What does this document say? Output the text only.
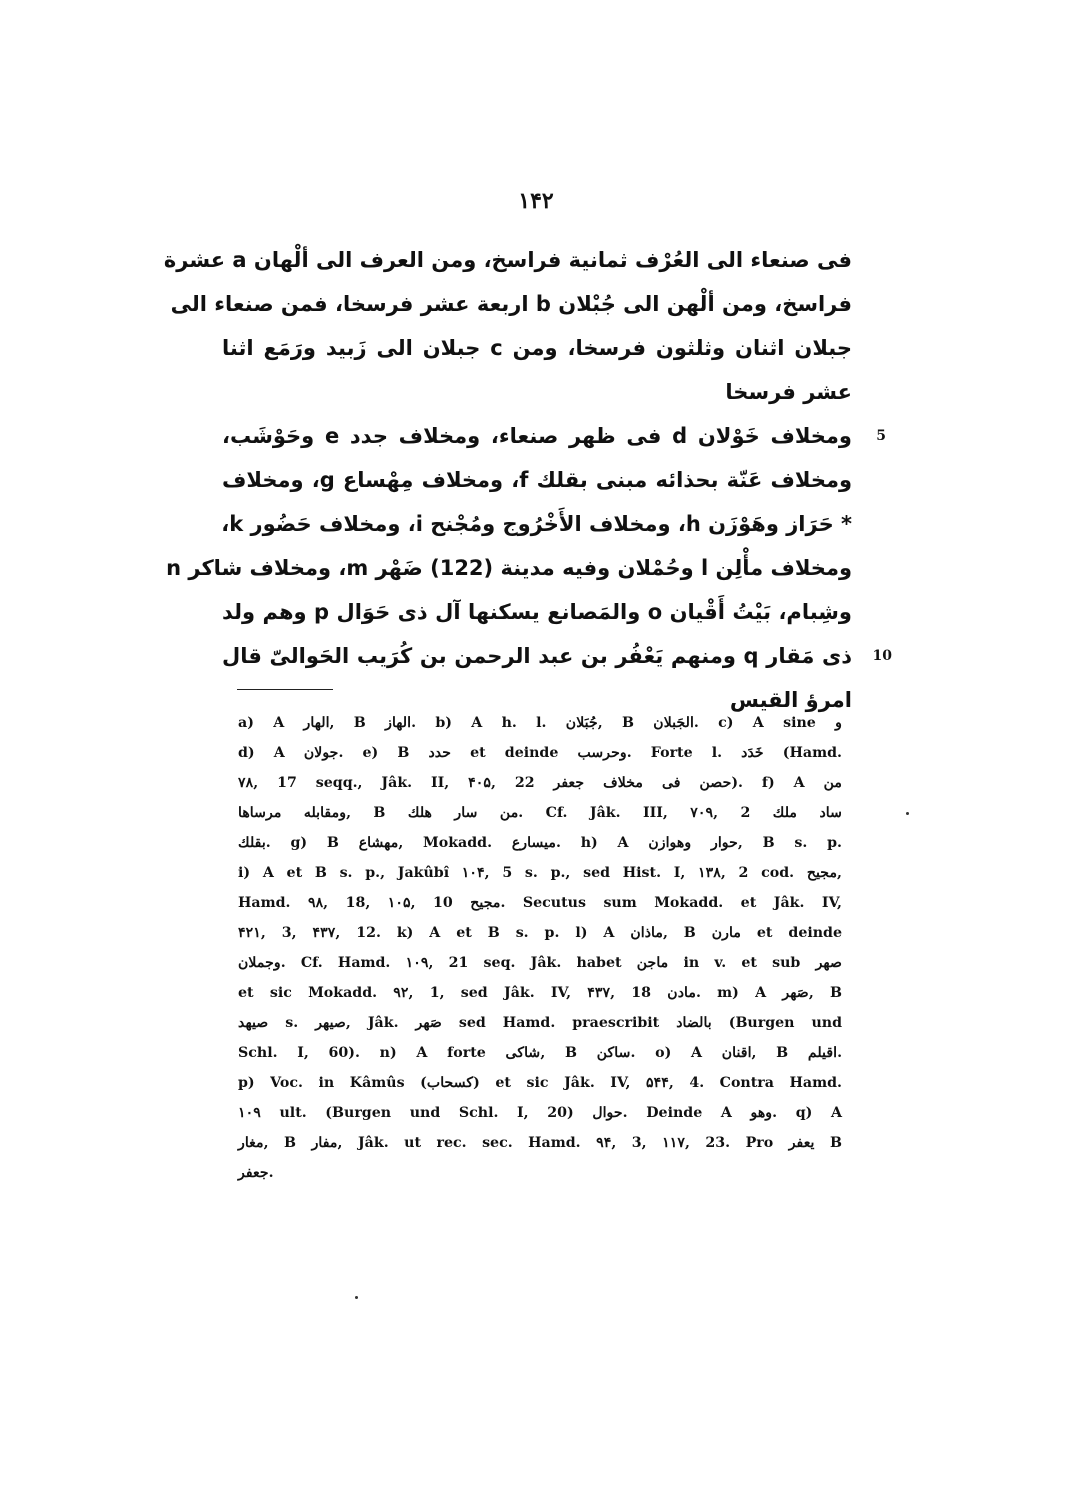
۱۴۲
فى صنعاء الى العُرْف ثمانية فراسخ، ومن العرف الى ألْهان a عشرة
فراسخ، ومن ألْهن الى جُبْلان b اربعة عشر فرسخا، فمن صنعاء الى
جبلان اثنان وثلثون فرسخا، ومن c جبلان الى زَبيد ورَمَع اثنا
عشر فرسخا
5
ومخلاف خَوْلان d فى ظهر صنعاء، ومخلاف جدد e وحَوْشَب،
ومخلاف عَنّة بحذائه مبنى بقلك f، ومخلاف مِهْساع g، ومخلاف
* حَرَاز وهَوْزَن h، ومخلاف الأَخْرُوج ومُجْنح i، ومخلاف حَضُور k،
ومخلاف مأْلِن l وحُمْلان وفيه مدينة (122) ضَهْر m، ومخلاف شاكر n
وشِبام، بَيْتُ أَقْيان o والمَصانع يسكنها آل ذى حَوَال p وهم ولد
10
ذى مَقار q ومنهم يَعْفُر بن عبد الرحمن بن كُرَيب الحَوالىّ قال
امرؤ القيس
a) A الهار, B الهاز. b) A h. l. جُبَلان, B الجَبلان. c) A sine و
d) A جولان. e) B حدد et deinde وحرسب. Forte l. خَدَد (Hamd.
۷۸, 17 seqq., Jâk. II, ۴۰۵, 22 حصن فى مخلاف جعفر). f) A من
ومقابله مرساها, B من سار هلك. Cf. Jâk. III, ۷۰۹, 2 ساد ملك
بقلك. g) B مهشاع, Mokadd. ميسارع. h) A حوار وهوازن, B s. p.
i) A et B s. p., Jakûbî ۱۰۴, 5 s. p., sed Hist. I, ۱۳۸, 2 cod. مجيح,
Hamd. ۹۸, 18, ۱۰۵, 10 مجيح. Secutus sum Mokadd. et Jâk. IV,
۴۲۱, 3, ۴۳۷, 12. k) A et B s. p. l) A ماذان, B مارن et deinde
وجملان. Cf. Hamd. ۱۰۹, 21 seq. Jâk. habet ماجن in v. et sub صهر
et sic Mokadd. ۹۲, 1, sed Jâk. IV, ۴۳۷, 18 مادن. m) A صَهر, B
صيهد s. صيهر, Jâk. صَهر sed Hamd. praescribit بالضاد (Burgen und
Schl. I, 60). n) A forte شاكى, B ساكن. o) A اقنان, B اقيلم.
p) Voc. in Kâmûs (كسحاب) et sic Jâk. IV, ۵۴۴, 4. Contra Hamd.
۱۰۹ ult. (Burgen und Schl. I, 20) حوال. Deinde A وهو. q) A
مغار, B مفار, Jâk. ut rec. sec. Hamd. ۹۴, 3, ۱۱۷, 23. Pro يعفر B
جعفر.
